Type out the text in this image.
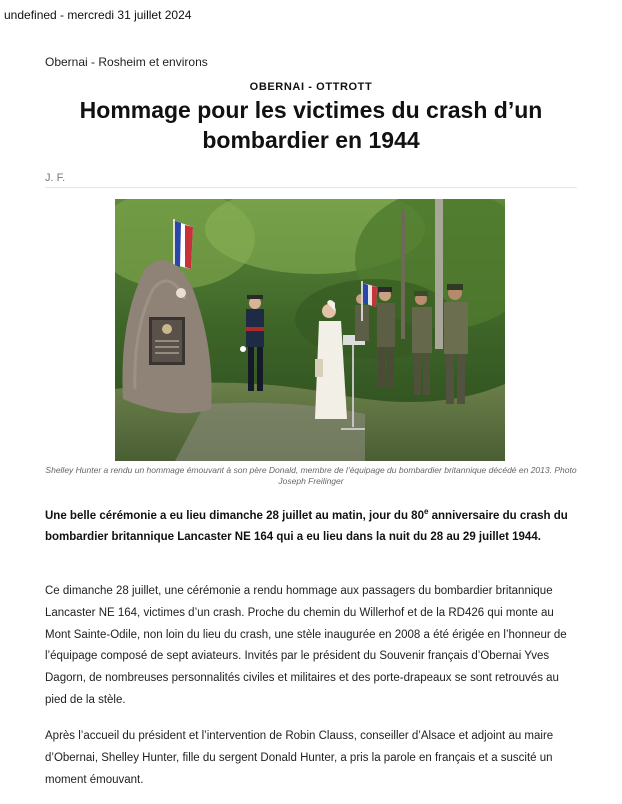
undefined - mercredi 31 juillet 2024
Obernai - Rosheim et environs
OBERNAI - OTTROTT
Hommage pour les victimes du crash d’un bombardier en 1944
J. F.
Shelley Hunter a rendu un hommage émouvant à son père Donald, membre de l’équipage du bombardier britannique décédé en 2013. Photo Joseph Freilinger

Une belle cérémonie a eu lieu dimanche 28 juillet au matin, jour du 80e anniversaire du crash du bombardier britannique Lancaster NE 164 qui a eu lieu dans la nuit du 28 au 29 juillet 1944.

Ce dimanche 28 juillet, une cérémonie a rendu hommage aux passagers du bombardier britannique Lancaster NE 164, victimes d’un crash. Proche du chemin du Willerhof et de la RD426 qui monte au Mont Sainte-Odile, non loin du lieu du crash, une stèle inaugurée en 2008 a été érigée en l’honneur de l’équipage composé de sept aviateurs. Invités par le président du Souvenir français d’Obernai Yves Dagorn, de nombreuses personnalités civiles et militaires et des porte-drapeaux se sont retrouvés au pied de la stèle.

Après l’accueil du président et l’intervention de Robin Clauss, conseiller d’Alsace et adjoint au maire d’Obernai, Shelley Hunter, fille du sergent Donald Hunter, a pris la parole en français et a suscité un moment émouvant.
